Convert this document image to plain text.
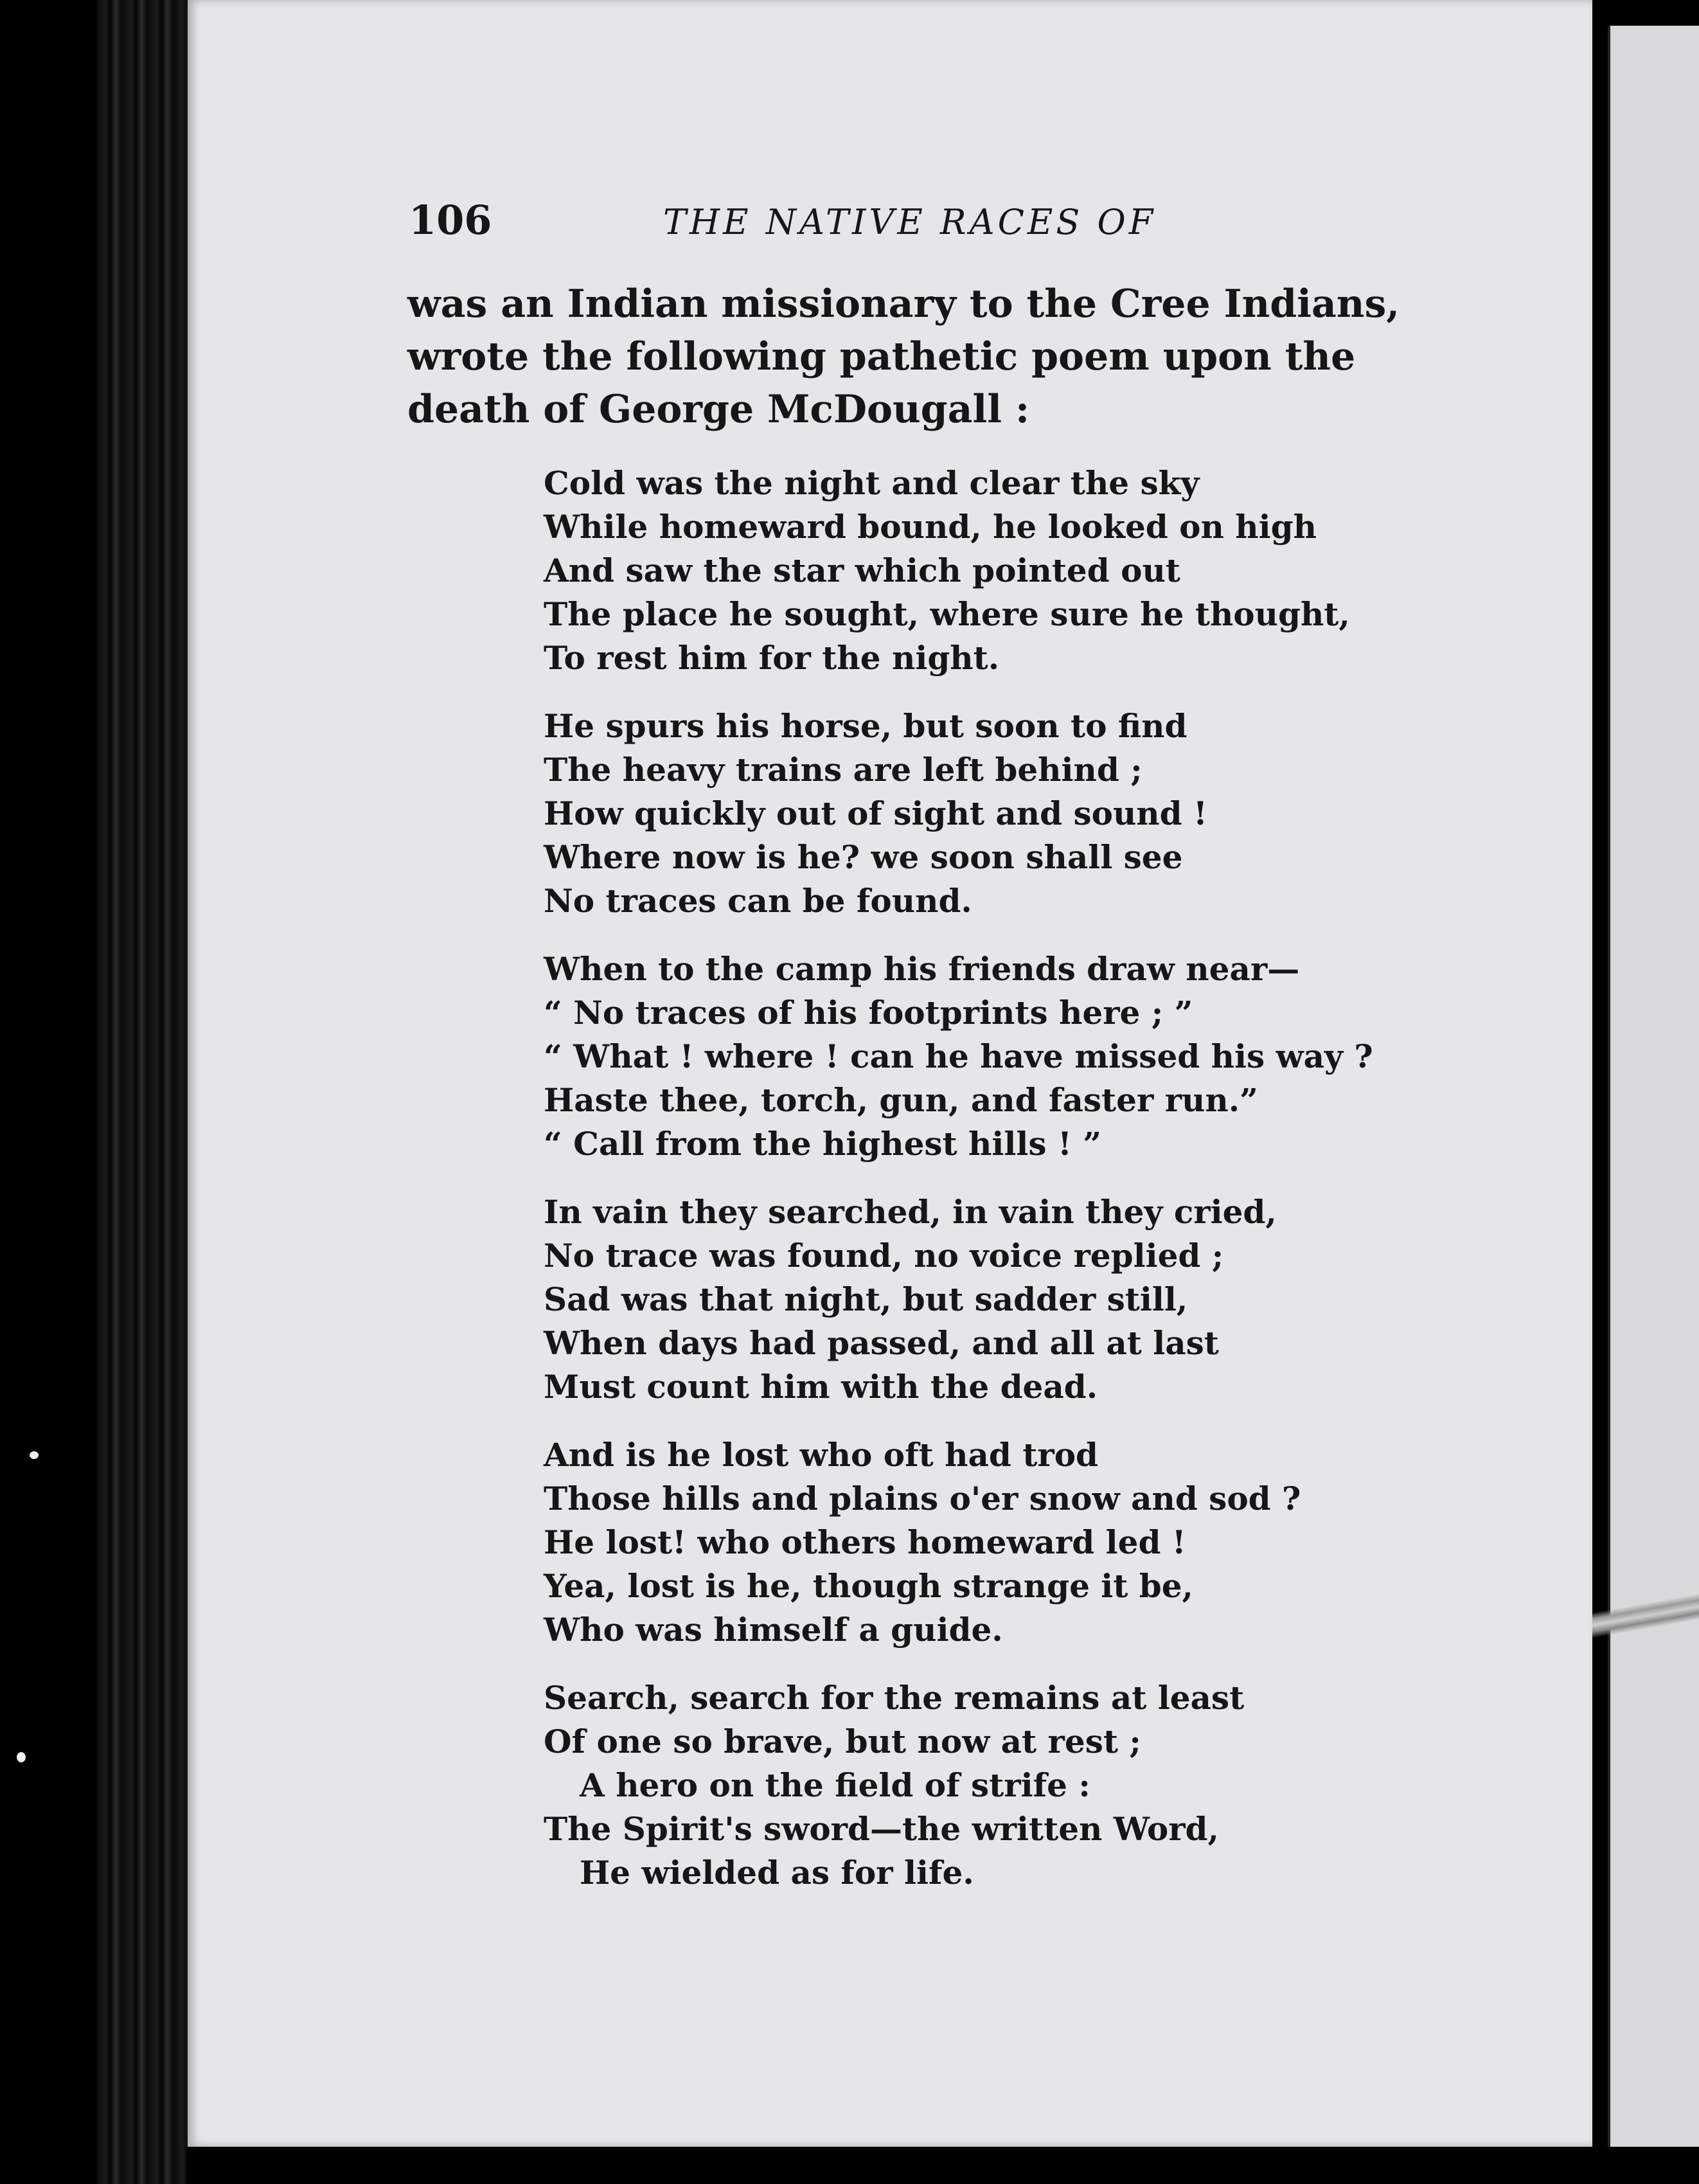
106	THE NATIVE RACES OF

was an Indian missionary to the Cree Indians, wrote the following pathetic poem upon the death of George McDougall :

Cold was the night and clear the sky
While homeward bound, he looked on high
And saw the star which pointed out
The place he sought, where sure he thought,
To rest him for the night.
He spurs his horse, but soon to find
The heavy trains are left behind ;
How quickly out of sight and sound !
Where now is he? we soon shall see
No traces can be found.
When to the camp his friends draw near—
“ No traces of his footprints here ; ”
“ What ! where ! can he have missed his way ?
Haste thee, torch, gun, and faster run.”
“ Call from the highest hills ! ”
In vain they searched, in vain they cried,
No trace was found, no voice replied ;
Sad was that night, but sadder still,
When days had passed, and all at last
Must count him with the dead.
And is he lost who oft had trod
Those hills and plains o'er snow and sod ?
He lost! who others homeward led !
Yea, lost is he, though strange it be,
Who was himself a guide.
Search, search for the remains at least
Of one so brave, but now at rest ;
A hero on the field of strife :
The Spirit's sword—the written Word,
He wielded as for life.
